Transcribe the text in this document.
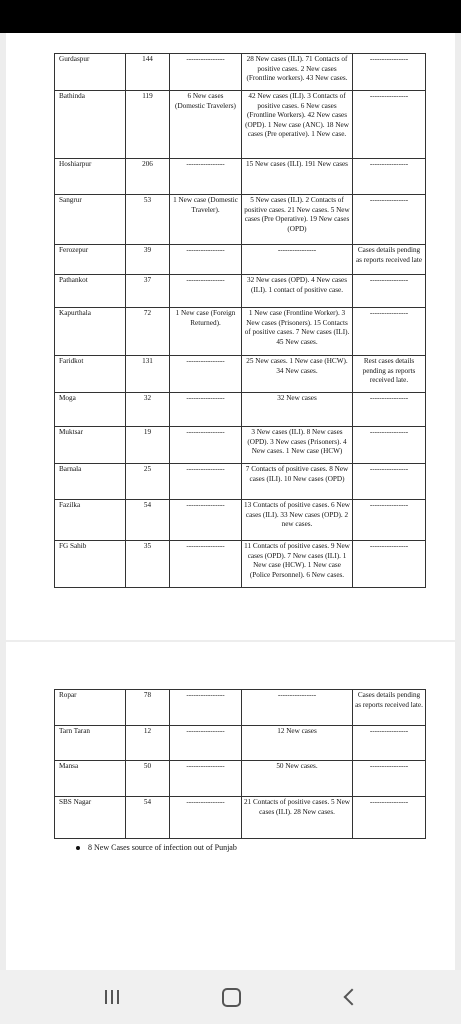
Gurdaspur	144	----------------	28 New cases (ILI). 71 Contacts of positive cases. 2 New cases (Frontline workers). 43 New cases.	----------------
Bathinda	119	6 New cases (Domestic Travelers)	42 New cases (ILI). 3 Contacts of positive cases. 6 New cases (Frontline Workers). 42 New cases (OPD). 1 New case (ANC). 18 New cases (Pre operative). 1 New case.	----------------
Hoshiarpur	206	----------------	15 New cases (ILI). 191 New cases	----------------
Sangrur	53	1 New case (Domestic Traveler).	5 New cases (ILI). 2 Contacts of positive cases. 21 New cases. 5 New cases (Pre Operative). 19 New cases (OPD)	----------------
Ferozepur	39	----------------	----------------	Cases details pending as reports received late
Pathankot	37	----------------	32 New cases (OPD). 4 New cases (ILI). 1 contact of positive case.	----------------
Kapurthala	72	1 New case (Foreign Returned).	1 New case (Frontline Worker). 3 New cases (Prisoners). 15 Contacts of positive cases. 7 New cases (ILI). 45 New cases.	----------------
Faridkot	131	----------------	25 New cases. 1 New case (HCW). 34 New cases.	Rest cases details pending as reports received late.
Moga	32	----------------	32 New cases	----------------
Muktsar	19	----------------	3 New cases (ILI). 8 New cases (OPD). 3 New cases (Prisoners). 4 New cases. 1 New case (HCW)	----------------
Barnala	25	----------------	7 Contacts of positive cases. 8 New cases (ILI). 10 New cases (OPD)	----------------
Fazilka	54	----------------	13 Contacts of positive cases. 6 New cases (ILI). 33 New cases (OPD). 2 new cases.	----------------
FG Sahib	35	----------------	11 Contacts of positive cases. 9 New cases (OPD). 7 New cases (ILI). 1 New case (HCW). 1 New case (Police Personnel). 6 New cases.	----------------
Ropar	78	----------------	----------------	Cases details pending as reports received late.
Tarn Taran	12	----------------	12 New cases	----------------
Mansa	50	----------------	50 New cases.	----------------
SBS Nagar	54	----------------	21 Contacts of positive cases. 5 New cases (ILI). 28 New cases.	----------------
8 New Cases source of infection out of Punjab
